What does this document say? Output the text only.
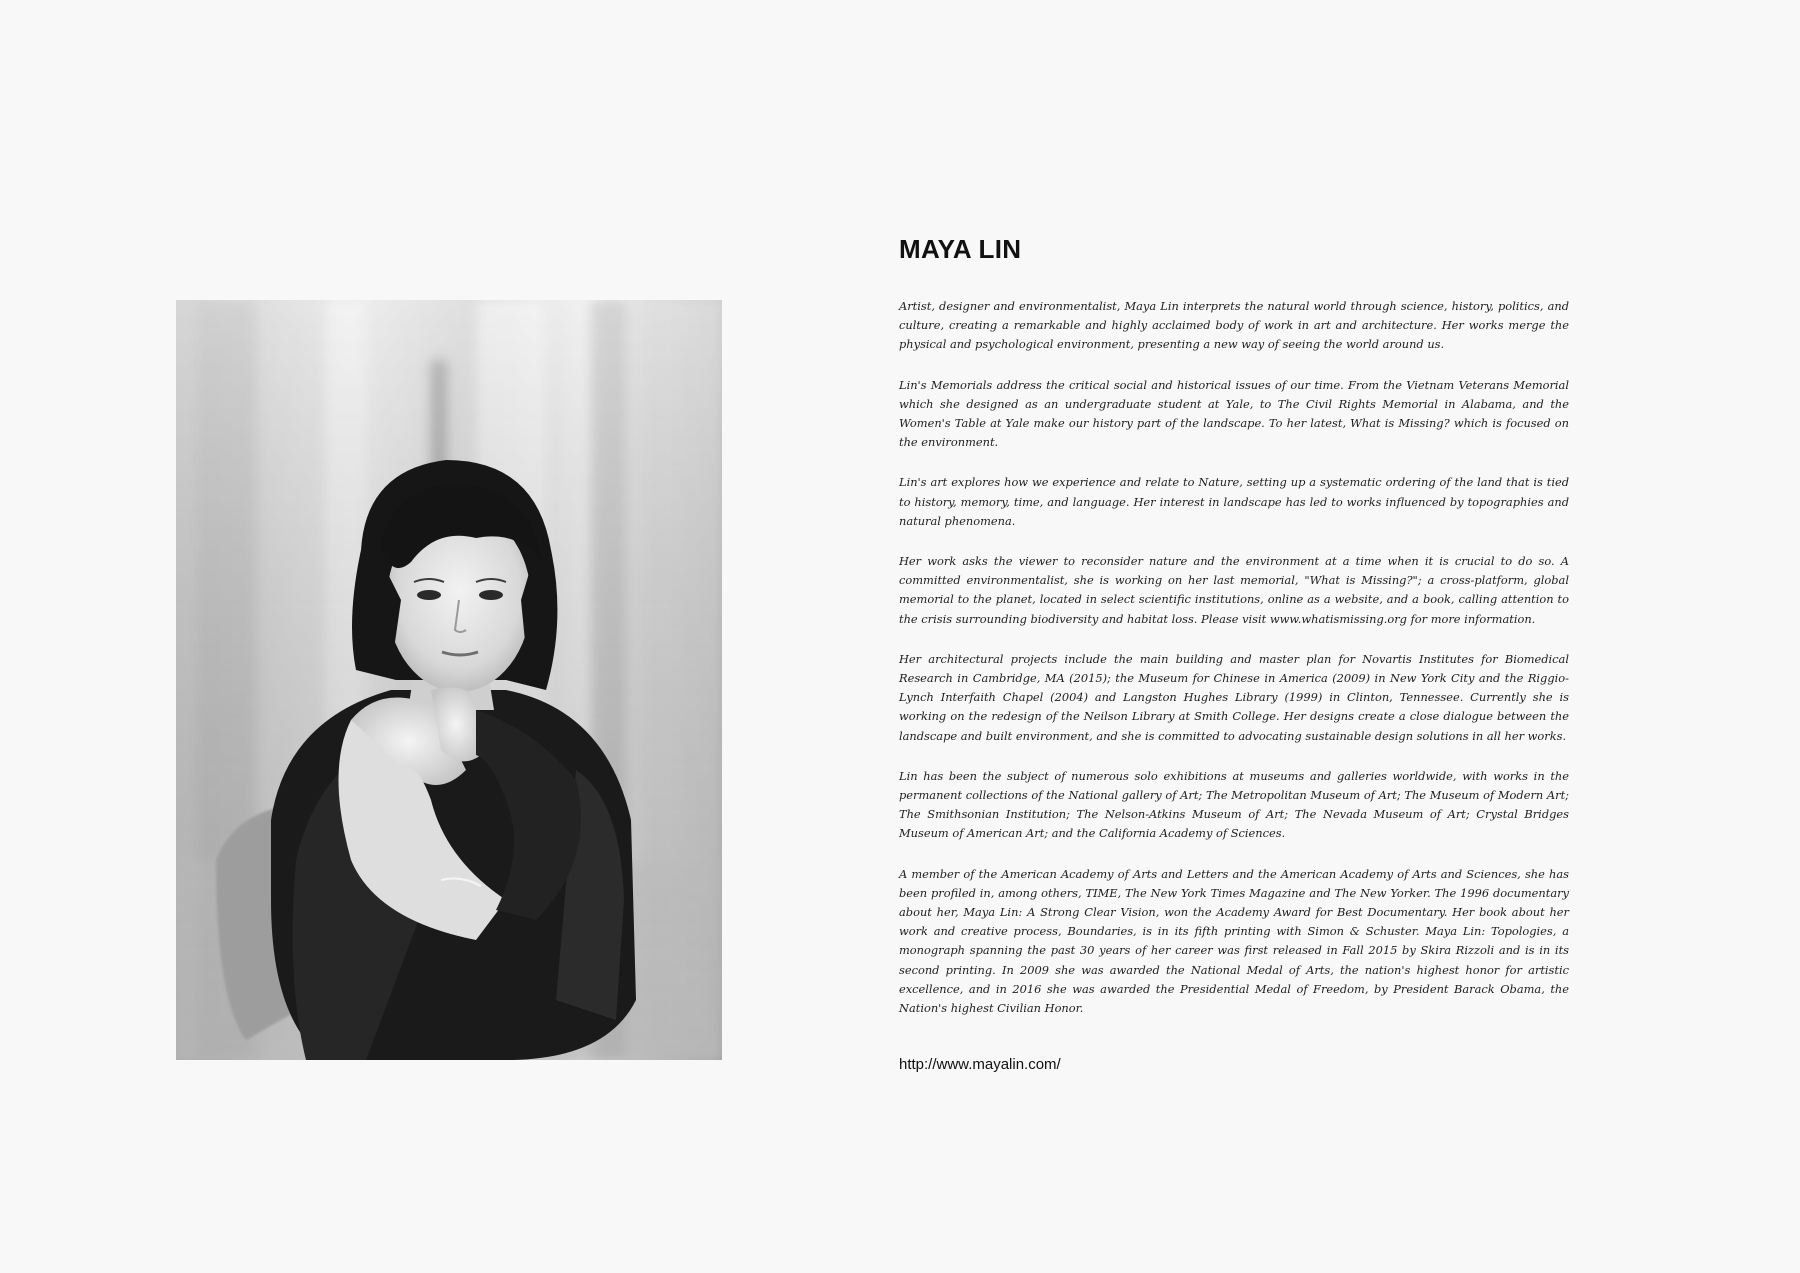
MAYA LIN

Artist, designer and environmentalist, Maya Lin interprets the natural world through science, history, politics, and culture, creating a remarkable and highly acclaimed body of work in art and architecture. Her works merge the physical and psychological environment, presenting a new way of seeing the world around us.

Lin's Memorials address the critical social and historical issues of our time. From the Vietnam Veterans Memorial which she designed as an undergraduate student at Yale, to The Civil Rights Memorial in Alabama, and the Women's Table at Yale make our history part of the landscape. To her latest, What is Missing? which is focused on the environment.

Lin's art explores how we experience and relate to Nature, setting up a systematic ordering of the land that is tied to history, memory, time, and language. Her interest in landscape has led to works influenced by topographies and natural phenomena.

Her work asks the viewer to reconsider nature and the environment at a time when it is crucial to do so. A committed environmentalist, she is working on her last memorial, "What is Missing?"; a cross-platform, global memorial to the planet, located in select scientific institutions, online as a website, and a book, calling attention to the crisis surrounding biodiversity and habitat loss. Please visit www.whatismissing.org for more information.

Her architectural projects include the main building and master plan for Novartis Institutes for Biomedical Research in Cambridge, MA (2015); the Museum for Chinese in America (2009) in New York City and the Riggio-Lynch Interfaith Chapel (2004) and Langston Hughes Library (1999) in Clinton, Tennessee. Currently she is working on the redesign of the Neilson Library at Smith College. Her designs create a close dialogue between the landscape and built environment, and she is committed to advocating sustainable design solutions in all her works.

Lin has been the subject of numerous solo exhibitions at museums and galleries worldwide, with works in the permanent collections of the National gallery of Art; The Metropolitan Museum of Art; The Museum of Modern Art; The Smithsonian Institution; The Nelson-Atkins Museum of Art; The Nevada Museum of Art; Crystal Bridges Museum of American Art; and the California Academy of Sciences.

A member of the American Academy of Arts and Letters and the American Academy of Arts and Sciences, she has been profiled in, among others, TIME, The New York Times Magazine and The New Yorker. The 1996 documentary about her, Maya Lin: A Strong Clear Vision, won the Academy Award for Best Documentary. Her book about her work and creative process, Boundaries, is in its fifth printing with Simon & Schuster. Maya Lin: Topologies, a monograph spanning the past 30 years of her career was first released in Fall 2015 by Skira Rizzoli and is in its second printing. In 2009 she was awarded the National Medal of Arts, the nation's highest honor for artistic excellence, and in 2016 she was awarded the Presidential Medal of Freedom, by President Barack Obama, the Nation's highest Civilian Honor.

http://www.mayalin.com/
